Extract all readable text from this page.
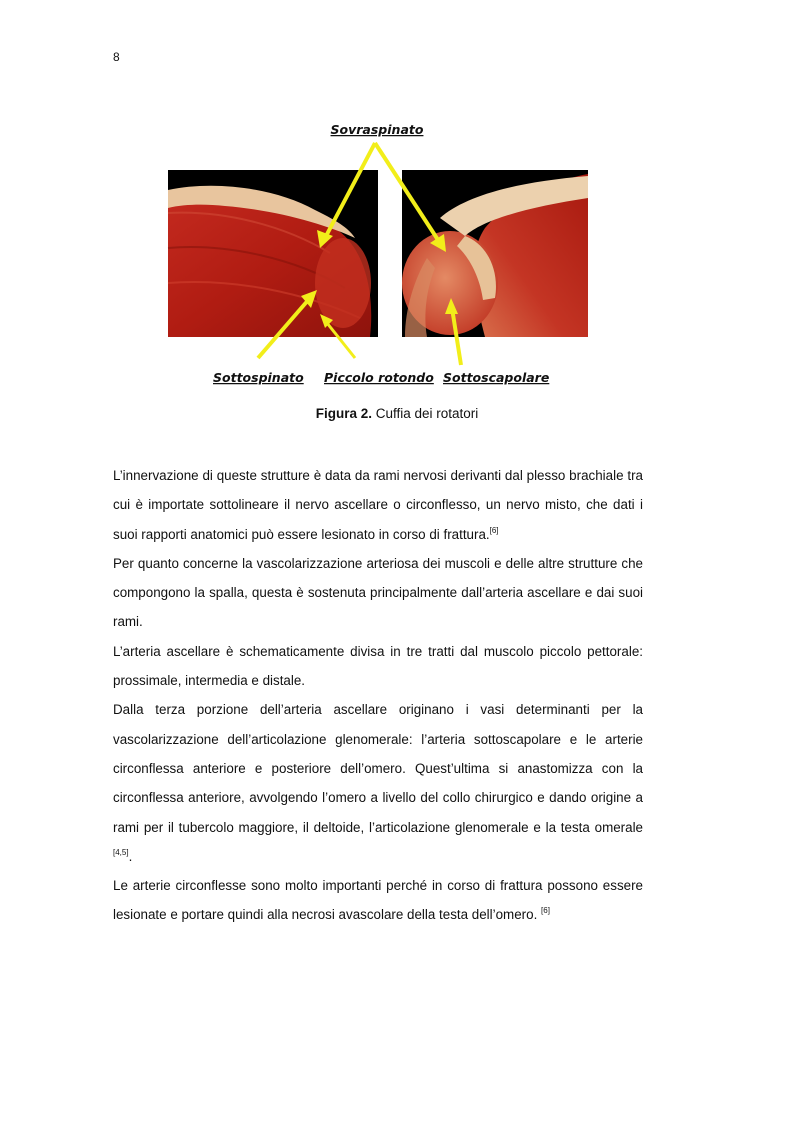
8
Sovraspinato
Sottospinato Piccolo rotondo Sottoscapolare
Figura 2. Cuffia dei rotatori

L’innervazione di queste strutture è data da rami nervosi derivanti dal plesso brachiale tra cui è importate sottolineare il nervo ascellare o circonflesso, un nervo misto, che dati i suoi rapporti anatomici può essere lesionato in corso di frattura.[6]

Per quanto concerne la vascolarizzazione arteriosa dei muscoli e delle altre strutture che compongono la spalla, questa è sostenuta principalmente dall’arteria ascellare e dai suoi rami.

L’arteria ascellare è schematicamente divisa in tre tratti dal muscolo piccolo pettorale: prossimale, intermedia e distale.

Dalla terza porzione dell’arteria ascellare originano i vasi determinanti per la vascolarizzazione dell’articolazione glenomerale: l’arteria sottoscapolare e le arterie circonflessa anteriore e posteriore dell’omero. Quest’ultima si anastomizza con la circonflessa anteriore, avvolgendo l’omero a livello del collo chirurgico e dando origine a rami per il tubercolo maggiore, il deltoide, l’articolazione glenomerale e la testa omerale [4,5].

Le arterie circonflesse sono molto importanti perché in corso di frattura possono essere lesionate e portare quindi alla necrosi avascolare della testa dell’omero. [6]
